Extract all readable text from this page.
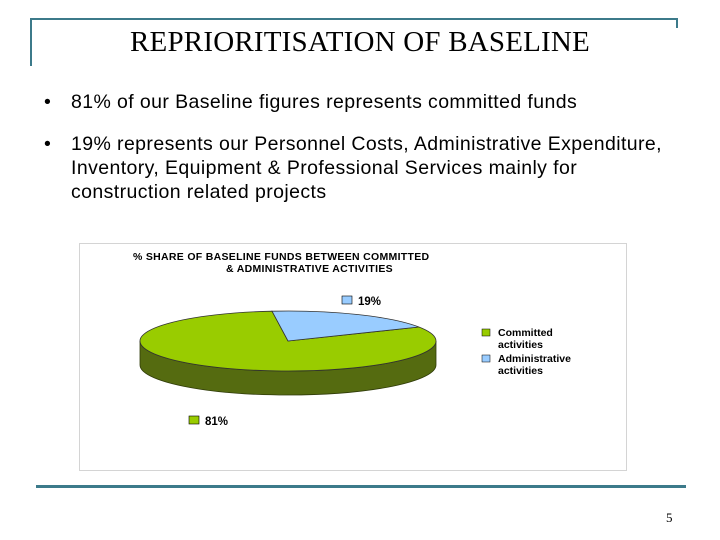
REPRIORITISATION OF BASELINE
• 81% of our Baseline figures represents committed funds
• 19% represents our Personnel Costs, Administrative Expenditure, Inventory, Equipment & Professional Services mainly for construction related projects
% SHARE OF BASELINE FUNDS BETWEEN COMMITTED
& ADMINISTRATIVE ACTIVITIES
19%
81%
Committed
activities
Administrative
activities
5
